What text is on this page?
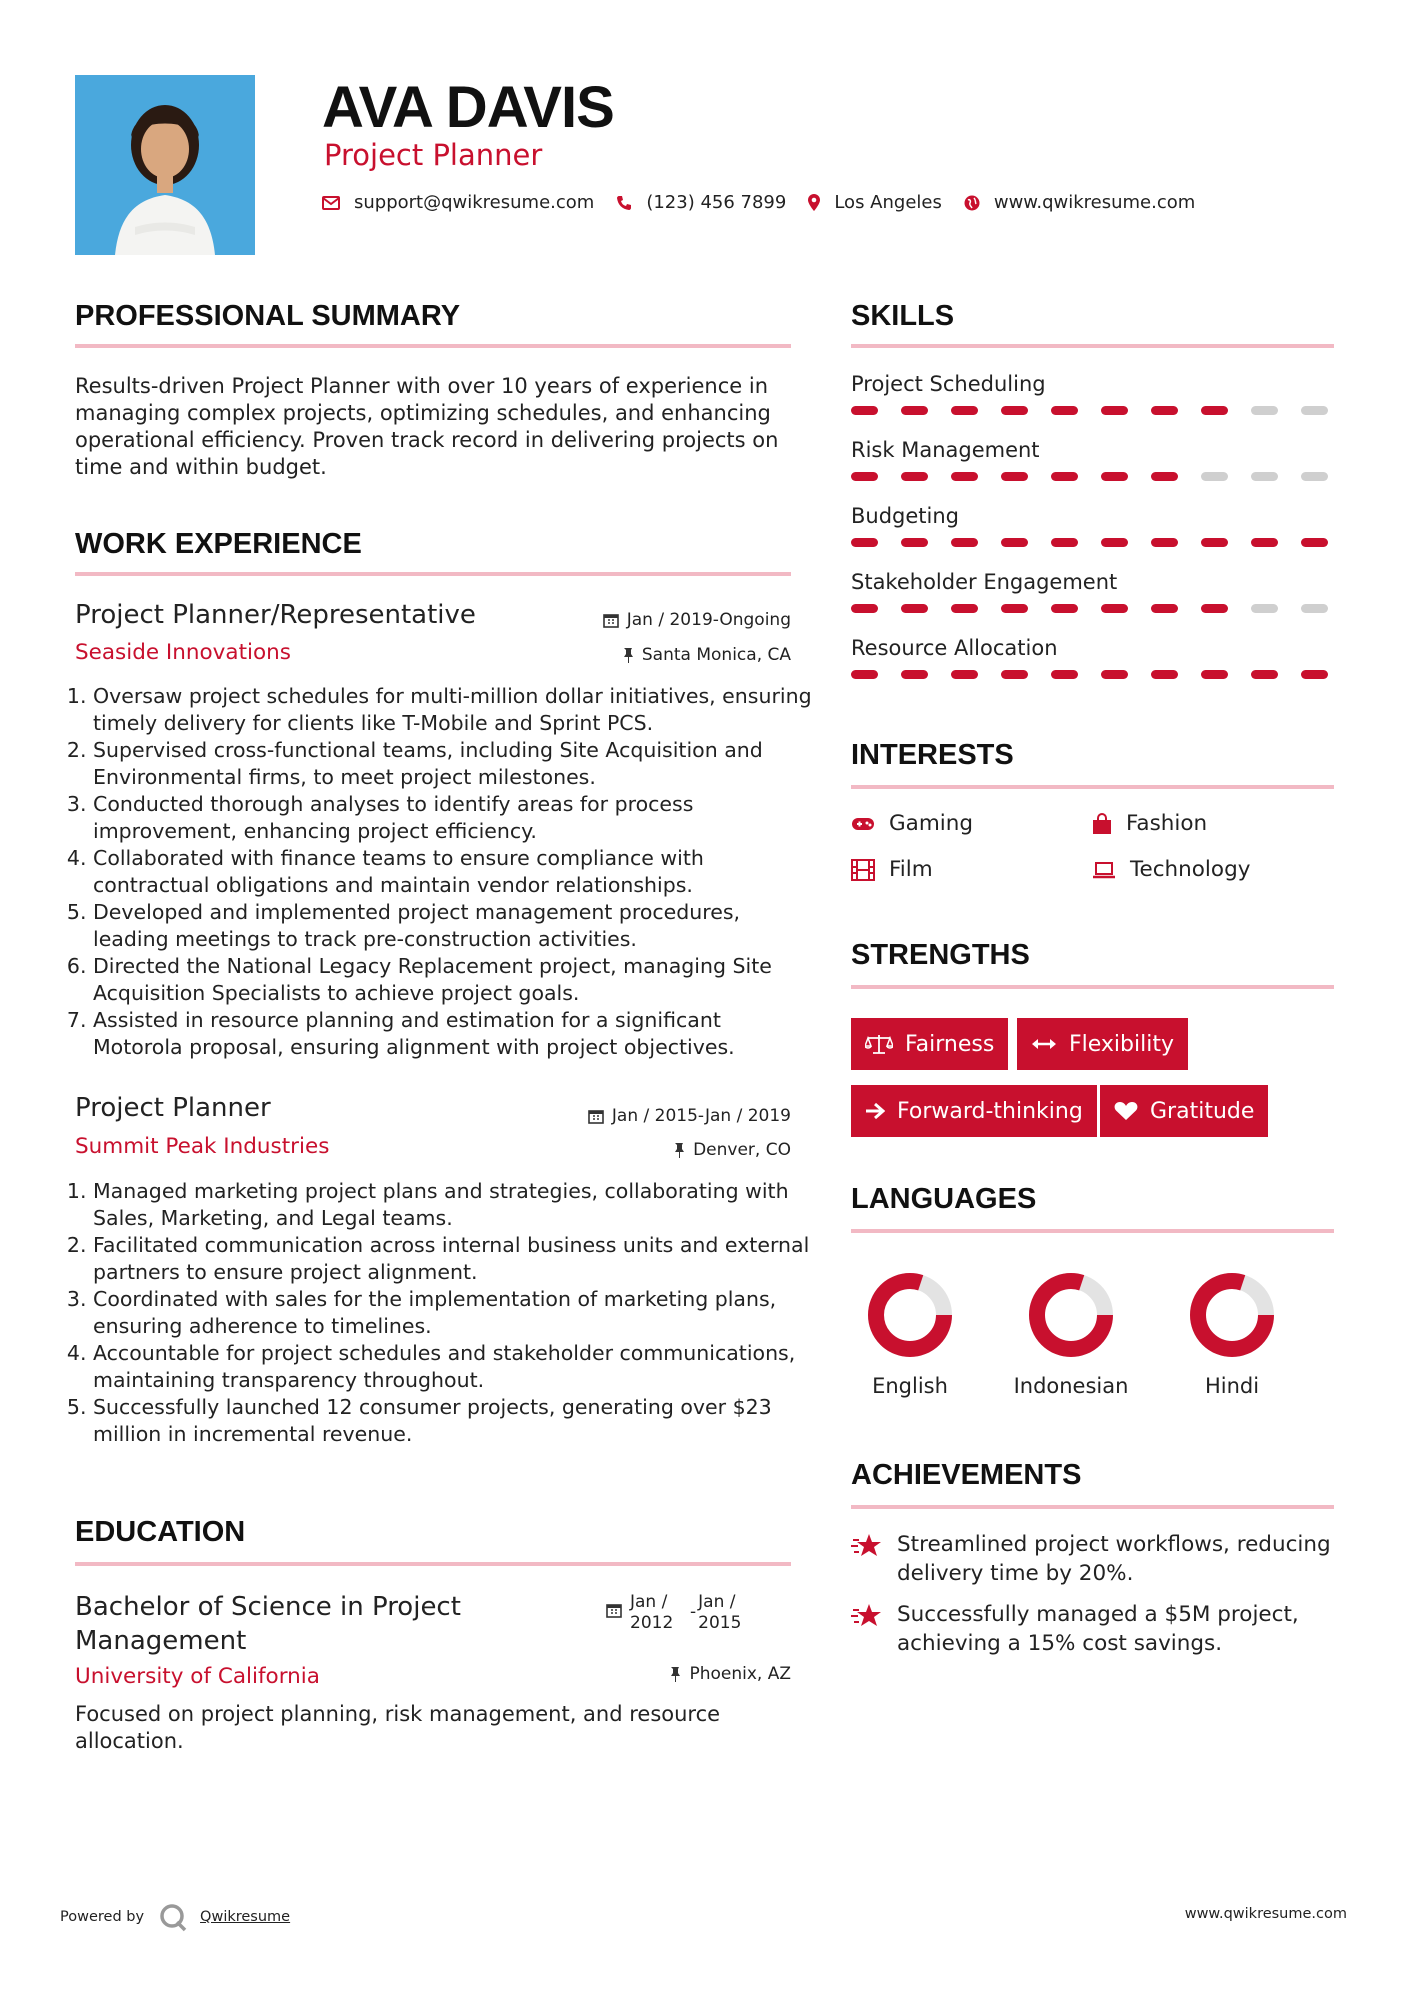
AVA DAVIS
Project Planner
support@qwikresume.com	(123) 456 7899	Los Angeles	www.qwikresume.com
PROFESSIONAL SUMMARY

Results-driven Project Planner with over 10 years of experience in managing complex projects, optimizing schedules, and enhancing operational efficiency. Proven track record in delivering projects on time and within budget.

WORK EXPERIENCE
Project Planner/Representative	Jan / 2019-Ongoing
Seaside Innovations	Santa Monica, CA
1. Oversaw project schedules for multi-million dollar initiatives, ensuring timely delivery for clients like T-Mobile and Sprint PCS.
2. Supervised cross-functional teams, including Site Acquisition and Environmental firms, to meet project milestones.
3. Conducted thorough analyses to identify areas for process improvement, enhancing project efficiency.
4. Collaborated with finance teams to ensure compliance with contractual obligations and maintain vendor relationships.
5. Developed and implemented project management procedures, leading meetings to track pre-construction activities.
6. Directed the National Legacy Replacement project, managing Site Acquisition Specialists to achieve project goals.
7. Assisted in resource planning and estimation for a significant Motorola proposal, ensuring alignment with project objectives.
Project Planner	Jan / 2015-Jan / 2019
Summit Peak Industries	Denver, CO
1. Managed marketing project plans and strategies, collaborating with Sales, Marketing, and Legal teams.
2. Facilitated communication across internal business units and external partners to ensure project alignment.
3. Coordinated with sales for the implementation of marketing plans, ensuring adherence to timelines.
4. Accountable for project schedules and stakeholder communications, maintaining transparency throughout.
5. Successfully launched 12 consumer projects, generating over $23 million in incremental revenue.
EDUCATION
Bachelor of Science in Project Management
Jan / 2012
- Jan / 2015
University of California	Phoenix, AZ

Focused on project planning, risk management, and resource allocation.

SKILLS
Project Scheduling
Risk Management
Budgeting
Stakeholder Engagement
Resource Allocation
INTERESTS
Gaming	Fashion
Film	Technology
STRENGTHS
Fairness	Flexibility
Forward-thinking	Gratitude
LANGUAGES
English	Indonesian	Hindi
ACHIEVEMENTS
Streamlined project workflows, reducing delivery time by 20%.
Successfully managed a $5M project, achieving a 15% cost savings.
Powered by	Qwikresume	www.qwikresume.com
